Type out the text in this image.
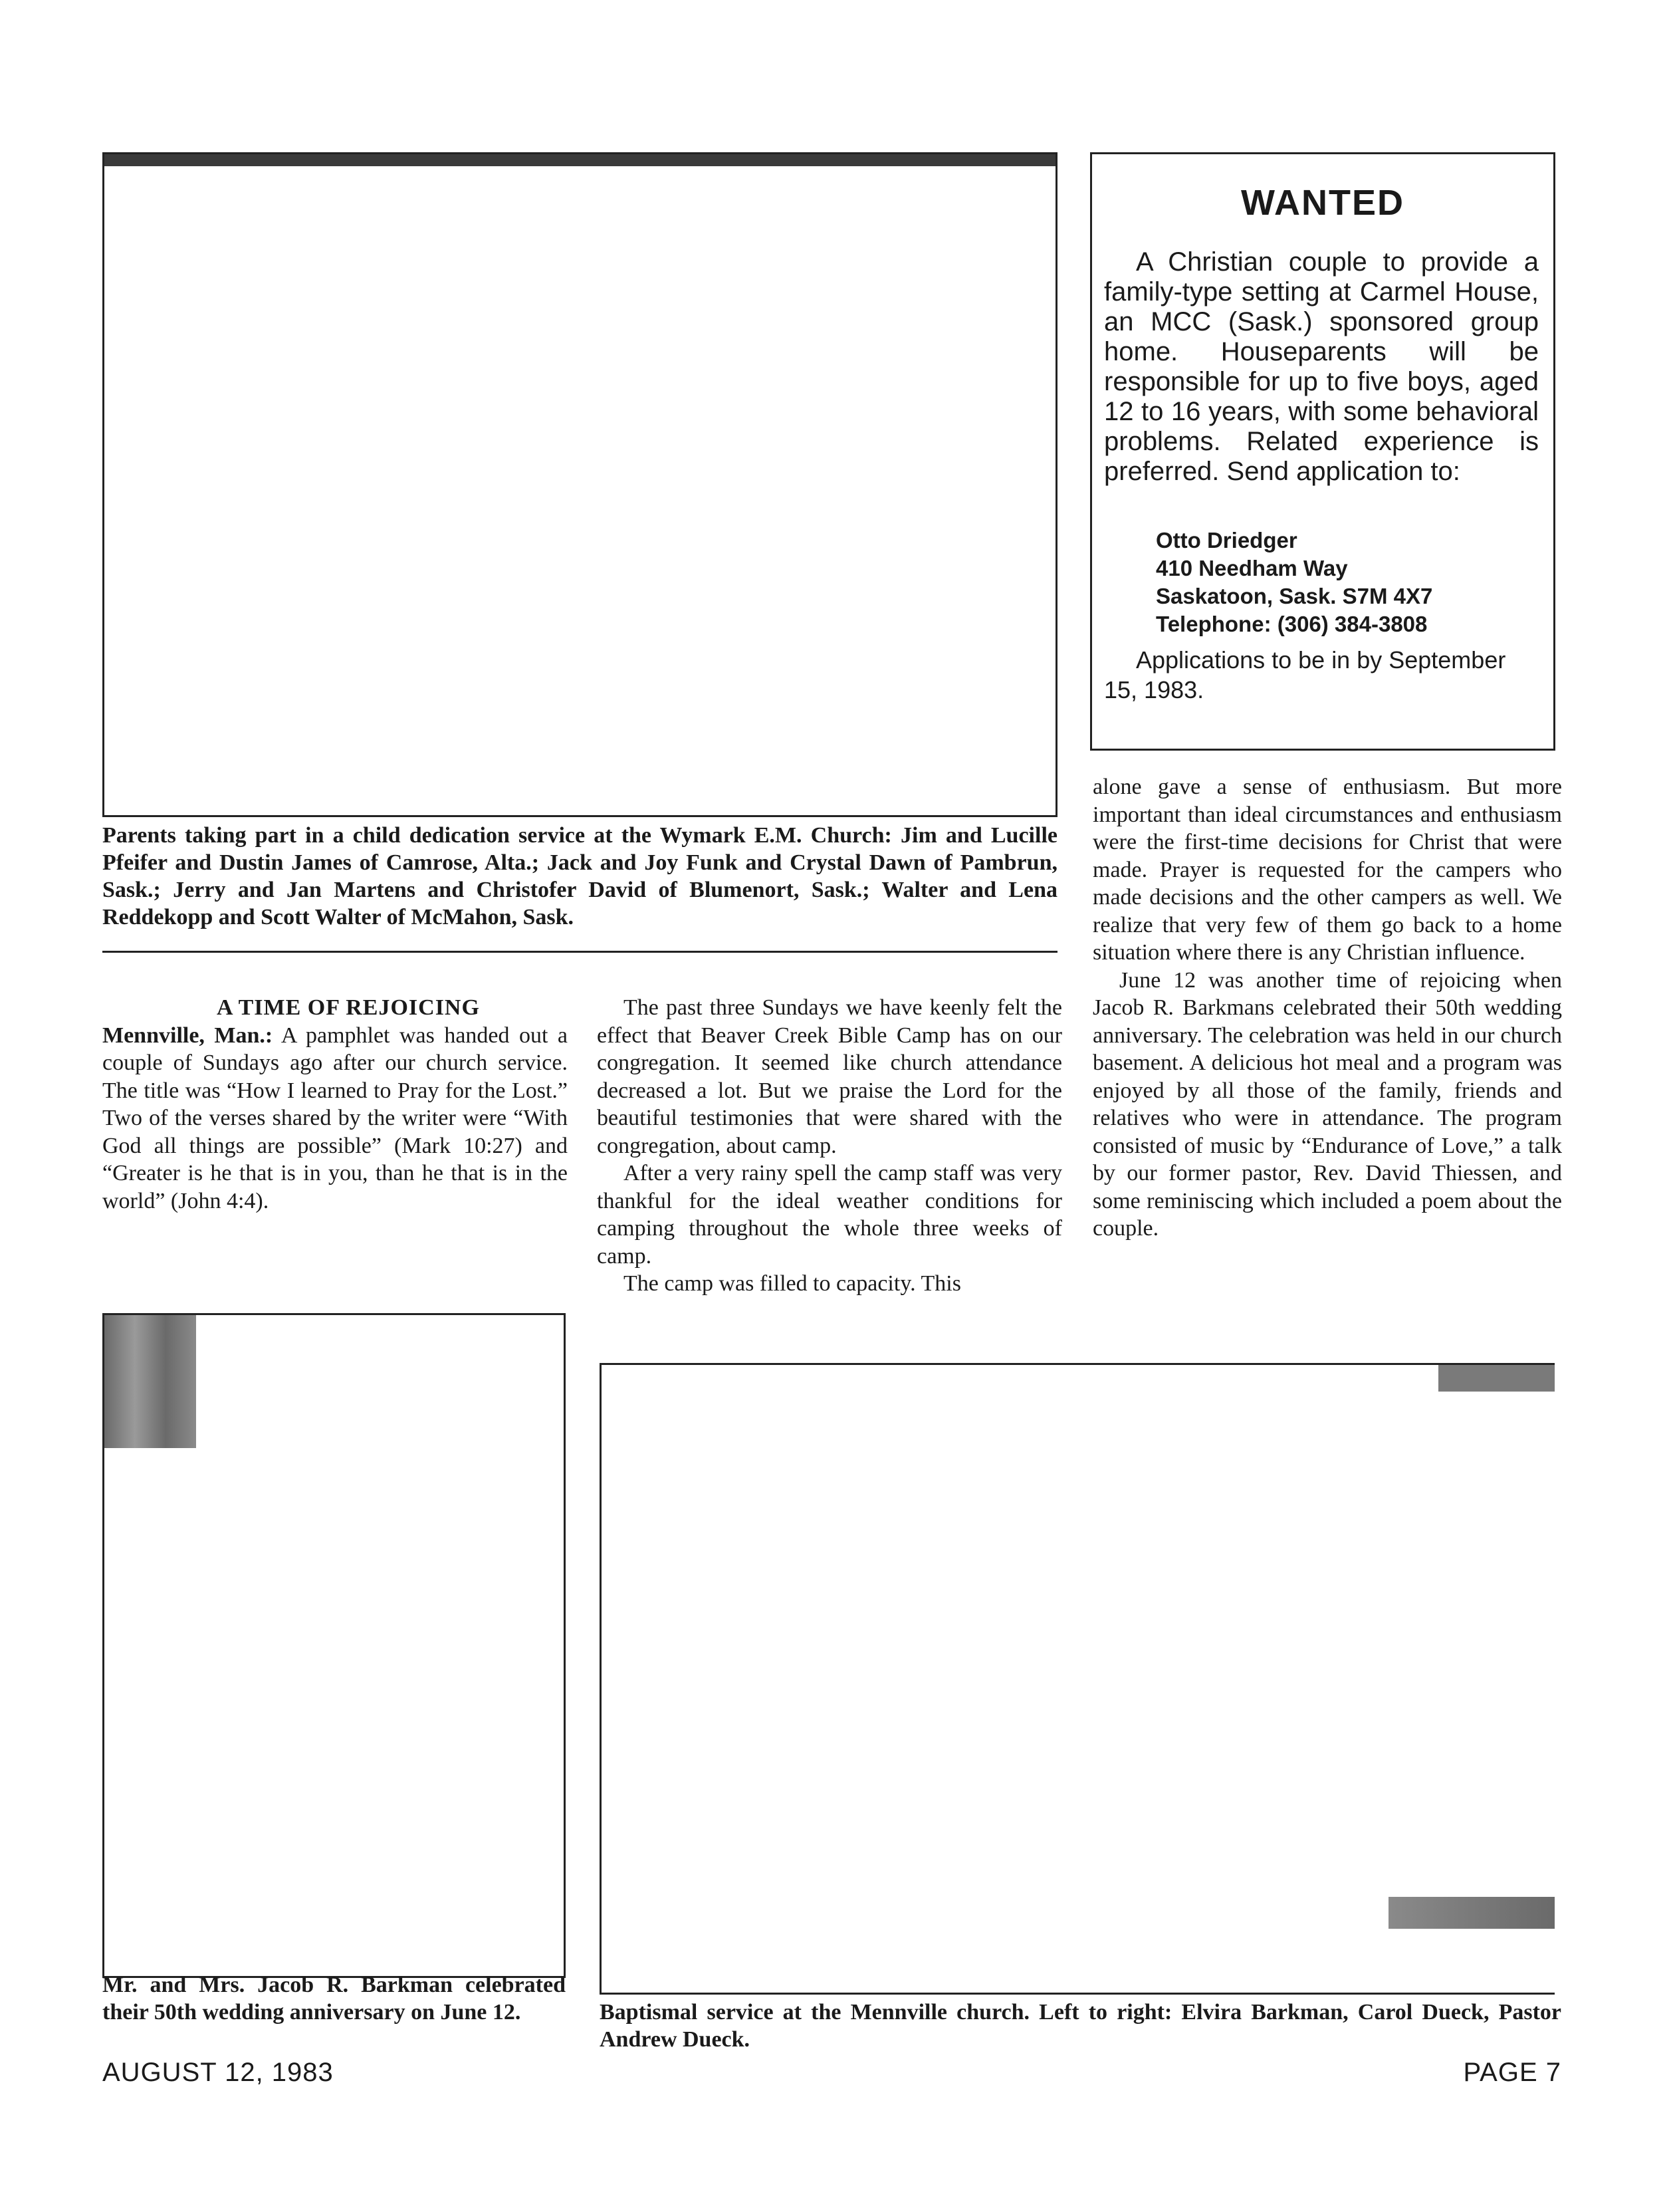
Parents taking part in a child dedication service at the Wymark E.M. Church: Jim and Lucille Pfeifer and Dustin James of Camrose, Alta.; Jack and Joy Funk and Crystal Dawn of Pambrun, Sask.; Jerry and Jan Martens and Christofer David of Blumenort, Sask.; Walter and Lena Reddekopp and Scott Walter of McMahon, Sask.
WANTED

A Christian couple to provide a family-type setting at Carmel House, an MCC (Sask.) sponsored group home. Houseparents will be responsible for up to five boys, aged 12 to 16 years, with some behavioral problems. Related experience is preferred. Send application to:

Otto Driedger
410 Needham Way
Saskatoon, Sask. S7M 4X7
Telephone: (306) 384-3808

Applications to be in by September 15, 1983.

A TIME OF REJOICING

Mennville, Man.: A pamphlet was handed out a couple of Sundays ago after our church service. The title was “How I learned to Pray for the Lost.” Two of the verses shared by the writer were “With God all things are possible” (Mark 10:27) and “Greater is he that is in you, than he that is in the world” (John 4:4).

The past three Sundays we have keenly felt the effect that Beaver Creek Bible Camp has on our congregation. It seemed like church attendance decreased a lot. But we praise the Lord for the beautiful testimonies that were shared with the congregation, about camp.

After a very rainy spell the camp staff was very thankful for the ideal weather conditions for camping throughout the whole three weeks of camp.

The camp was filled to capacity. This

alone gave a sense of enthusiasm. But more important than ideal circumstances and enthusiasm were the first-time decisions for Christ that were made. Prayer is requested for the campers who made decisions and the other campers as well. We realize that very few of them go back to a home situation where there is any Christian influence.

June 12 was another time of rejoicing when Jacob R. Barkmans celebrated their 50th wedding anniversary. The celebration was held in our church basement. A delicious hot meal and a program was enjoyed by all those of the family, friends and relatives who were in attendance. The program consisted of music by “Endurance of Love,” a talk by our former pastor, Rev. David Thiessen, and some reminiscing which included a poem about the couple.

Mr. and Mrs. Jacob R. Barkman celebrated their 50th wedding anniversary on June 12.	Baptismal service at the Mennville church. Left to right: Elvira Barkman, Carol Dueck, Pastor Andrew Dueck.
AUGUST 12, 1983	PAGE 7
